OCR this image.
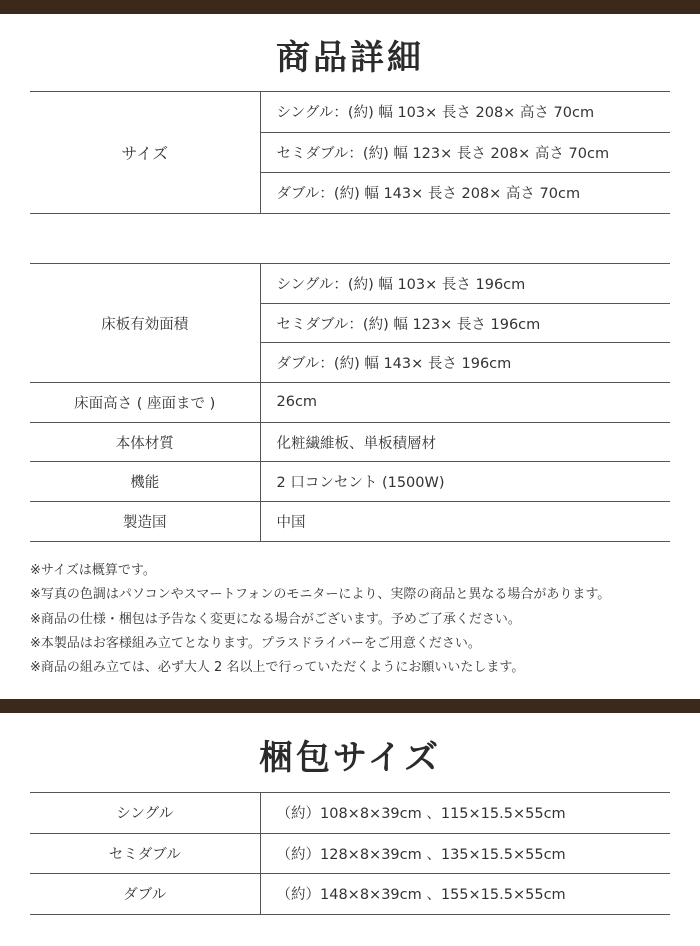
商品詳細
サイズ	シングル：(約) 幅 103× 長さ 208× 高さ 70cm
セミダブル：(約) 幅 123× 長さ 208× 高さ 70cm
ダブル：(約) 幅 143× 長さ 208× 高さ 70cm
床板有効面積	シングル：(約) 幅 103× 長さ 196cm
	セミダブル：(約) 幅 123× 長さ 196cm
	ダブル：(約) 幅 143× 長さ 196cm
床面高さ ( 座面まで )	26cm
本体材質	化粧繊維板、単板積層材
機能	2 口コンセント (1500W)
製造国	中国
※サイズは概算です。
※写真の色調はパソコンやスマートフォンのモニターにより、実際の商品と異なる場合があります。
※商品の仕様・梱包は予告なく変更になる場合がございます。予めご了承ください。
※本製品はお客様組み立てとなります。プラスドライバーをご用意ください。
※商品の組み立ては、必ず大人 2 名以上で行っていただくようにお願いいたします。
梱包サイズ
シングル	（約）108×8×39cm 、115×15.5×55cm
セミダブル	（約）128×8×39cm 、135×15.5×55cm
ダブル	（約）148×8×39cm 、155×15.5×55cm
